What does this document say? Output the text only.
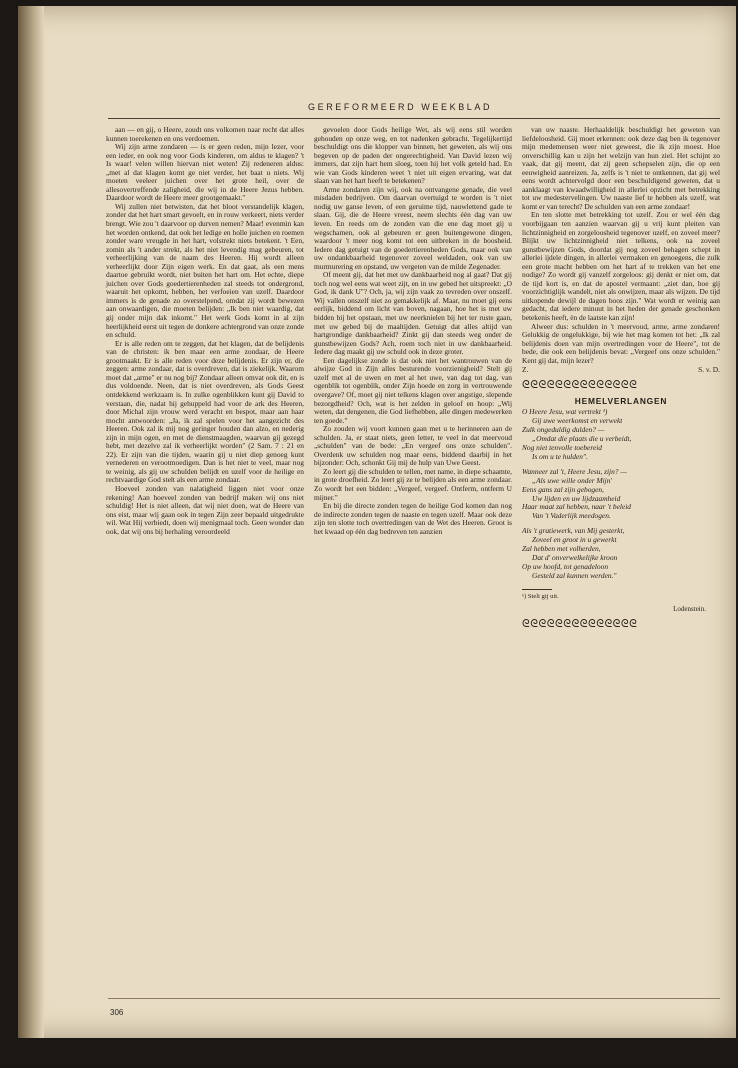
GEREFORMEERD WEEKBLAD

aan — en gij, o Heere, zoudt ons volkomen naar recht dat alles kunnen toerekenen en ons verdoemen.

Wij zijn arme zondaren — is er geen reden, mijn lezer, voor een ieder, en ook nog voor Gods kinderen, om aldus te klagen? 't Is waar! velen willen hiervan niet weten! Zij redeneren aldus: „met al dat klagen komt ge niet verder, het baat u niets. Wij moeten veeleer juichen over het grote heil, over de allesovertreffende zaligheid, die wij in de Heere Jezus hebben. Daardoor wordt de Heere meer grootgemaakt."

Wij zullen niet betwisten, dat het bloot verstandelijk klagen, zonder dat het hart smart gevoelt, en in rouw verkeert, niets verder brengt. Wie zou 't daarvoor op durven nemen? Maar! evenmin kan het worden ontkend, dat ook het ledige en holle juichen en roemen zonder ware vreugde in het hart, volstrekt niets betekent. 't Een, zomin als 't ander strekt, als het niet levendig mag gebeuren, tot verheerlijking van de naam des Heeren. Hij wordt alleen verheerlijkt door Zijn eigen werk. En dat gaat, als een mens daartoe gebruikt wordt, niet buiten het hart om. Het echte, diepe juichen over Gods goedertierenheden zal steeds tot ondergrond, waaruit het opkomt, hebben, het verfoeien van uzelf. Daardoor immers is de genade zo overstelpend, omdat zij wordt bewezen aan onwaardigen, die moeten belijden: „Ik ben niet waardig, dat gij onder mijn dak inkomt." Het werk Gods komt in al zijn heerlijkheid eerst uit tegen de donkere achtergrond van onze zonde en schuld.

Er is alle reden om te zeggen, dat het klagen, dat de belijdenis van de christen: ik ben maar een arme zondaar, de Heere grootmaakt. Er is alle reden voor deze belijdenis. Er zijn er, die zeggen: arme zondaar, dat is overdreven, dat is ziekelijk. Waarom moet dat „arme" er nu nog bij? Zondaar alleen omvat ook dit, en is dus voldoende. Neen, dat is niet overdreven, als Gods Geest ontdekkend werkzaam is. In zulke ogenblikken kunt gij David to verstaan, die, nadat hij gehuppeld had voor de ark des Heeren, door Michal zijn vrouw werd veracht en bespot, maar aan haar mocht antwoorden: „Ja, ik zal spelen voor het aangezicht des Heeren. Ook zal ik mij nog geringer houden dan alzo, en nederig zijn in mijn ogen, en met de dienstmaagden, waarvan gij gezegd hebt, met dezelve zal ik verheerlijkt worden" (2 Sam. 7 : 21 en 22). Er zijn van die tijden, waarin gij u niet diep genoeg kunt vernederen en verootmoedigen. Dan is het niet te veel, maar nog te weinig, als gij uw schulden belijdt en uzelf voor de heilige en rechtvaardige God stelt als een arme zondaar.

Hoeveel zonden van nalatigheid liggen niet voor onze rekening! Aan hoeveel zonden van bedrijf maken wij ons niet schuldig! Het is niet alleen, dat wij niet doen, wat de Heere van ons eist, maar wij gaan ook in tegen Zijn zeer bepaald uitgedrukte wil. Wat Hij verbiedt, doen wij menigmaal toch. Geen wonder dan ook, dat wij ons bij herhaling veroordeeld

gevoelen door Gods heilige Wet, als wij eens stil worden gehouden op onze weg, en tot nadenken gebracht. Tegelijkertijd beschuldigt ons die klopper van binnen, het geweten, als wij ons begeven op de paden der ongerechtigheid. Van David lezen wij immers, dat zijn hart hem sloeg, toen hij het volk geteld had. En wie van Gods kinderen weet 't niet uit eigen ervaring, wat dat slaan van het hart heeft te betekenen?

Arme zondaren zijn wij, ook na ontvangene genade, die veel misdaden bedrijven. Om daarvan overtuigd te worden is 't niet nodig uw ganse leven, of een geruime tijd, nauwlettend gade te slaan. Gij, die de Heere vreest, neem slechts één dag van uw leven. En reeds om de zonden van die ene dag moet gij u wegschamen, ook al gebeuren er geen buitengewone dingen, waardoor 't meer nog komt tot een uitbreken in de boosheid. Iedere dag getuigt van de goedertierenheden Gods, maar ook van uw ondankbaarheid tegenover zoveel weldaden, ook van uw murmurering en opstand, uw vergeten van de milde Zegenader.

Of meent gij, dat het met uw dankbaarheid nog al gaat? Dat gij toch nog wel eens wat weet zijt, en in uw gebed het uitspreekt: „O God, ik dank U"? Och, ja, wij zijn vaak zo tevreden over onszelf. Wij vallen onszelf niet zo gemakkelijk af. Maar, nu moet gij eens eerlijk, biddend om licht van boven, nagaan, hoe het is met uw bidden bij het opstaan, met uw neerknielen bij het ter ruste gaan, met uw gebed bij de maaltijden. Getuigt dat alles altijd van hartgrondige dankbaarheid? Zinkt gij dan steeds weg onder de gunstbewijzen Gods? Ach, roem toch niet in uw dankbaarheid. Iedere dag maakt gij uw schuld ook in deze groter.

Een dagelijkse zonde is dat ook niet het wantrouwen van de alwijze God in Zijn alles besturende voorzienigheid? Stelt gij uzelf met al de uwen en met al het uwe, van dag tot dag, van ogenblik tot ogenblik, onder Zijn hoede en zorg in vertrouwende overgave? Of, moet gij niet telkens klagen over angstige, slepende bezorgdheid? Och, wat is het zelden in geloof en hoop: „Wij weten, dat dengenen, die God liefhebben, alle dingen medewerken ten goede."

Zo zouden wij voort kunnen gaan met u te herinneren aan de schulden. Ja, er staat niets, geen letter, te veel in dat meervoud „schulden" van de bede: „En vergeef ons onze schulden". Overdenk uw schulden nog maar eens, biddend daarbij in het bijzonder: Och, schonkt Gij mij de hulp van Uwe Geest.

Zo leert gij die schulden te tellen, met name, in diepe schaamte, in grote droefheid. Zo leert gij ze te belijden als een arme zondaar. Zo wordt het een bidden: „Vergeef, vergeef. Ontferm, ontferm U mijner."

En bij die directe zonden tegen de heilige God komen dan nog de indirecte zonden tegen de naaste en tegen uzelf. Maar ook deze zijn ten slotte toch overtredingen van de Wet des Heeren. Groot is het kwaad op één dag bedreven ten aanzien

van uw naaste. Herhaaldelijk beschuldigt het geweten van liefdeloosheid. Gij moet erkennen: ook deze dag ben ik tegenover mijn medemensen weer niet geweest, die ik zijn moest. Hoe onverschillig kan u zijn het welzijn van hun ziel. Het schijnt zo vaak, dat gij meent, dat zij geen schepselen zijn, die op een eeuwigheid aanreizen. Ja, zelfs is 't niet te ontkennen, dat gij wel eens wordt achtervolgd door een beschuldigend geweten, dat u aanklaagt van kwaadwilligheid in allerlei opzicht met betrekking tot uw medestervelingen. Uw naaste lief te hebben als uzelf, wat komt er van terecht? De schulden van een arme zondaar!

En ten slotte met betrekking tot uzelf. Zou er wel één dag voorbijgaan ten aanzien waarvan gij u vrij kunt pleiten van lichtzinnigheid en zorgeloosheid tegenover uzelf, en zoveel meer? Blijkt uw lichtzinnigheid niet telkens, ook na zoveel gunstbewijzen Gods, doordat gij nog zoveel behagen schept in allerlei ijdele dingen, in allerlei vermaken en genoegens, die zulk een grote macht hebben om het hart af te trekken van het ene nodige? Zo wordt gij vanzelf zorgeloos: gij denkt er niet om, dat de tijd kort is, en dat de apostel vermaant: „ziet dan, hoe gij voorzichtiglijk wandelt, niet als onwijzen, maar als wijzen. De tijd uitkopende dewijl de dagen boos zijn." Wat wordt er weinig aan gedacht, dat iedere minuut in het heden der genade geschonken betekenis heeft, èn de laatste kan zijn!

Alweer dus: schulden in 't meervoud, arme, arme zondaren! Gelukkig de ongelukkige, bij wie het mag komen tot het: „Ik zal belijdenis doen van mijn overtredingen voor de Heere", tot de bede, die ook een belijdenis bevat: „Vergeef ons onze schulden." Kent gij dat, mijn lezer?

Z.	S. v. D.
ᘓᘓᘓᘓᘓᘓᘓᘓᘓᘓᘓᘓᘓᘓ
HEMELVERLANGEN
O Heere Jesu, wat vertrekt ¹)
Gij uwe weerkomst en verwekt
Zulk ongeduldig dulden? —
„Omdat die plaats die u verbeidt,
Nog niet tenvolle toebereid
Is om u te hulden".
Wanneer zal 't, Heere Jesu, zijn? —
„Als uwe wille onder Mijn'
Eens gans zal zijn gebogen,
Uw lijden en uw lijdzaamheid
Haar maat zal hebben, naar 't beleid
Van 't Vaderlijk meedogen.
Als 't gratiewerk, van Mij gesterkt,
Zoveel en groot in u gewerkt
Zal hebben met volherden,
Dat d' onverwelkelijke kroon
Op uw hoofd, tot genadeloon
Gesteld zal kunnen werden."
¹) Stelt gij uit.
Lodenstein.
ᘓᘓᘓᘓᘓᘓᘓᘓᘓᘓᘓᘓᘓᘓ
306
